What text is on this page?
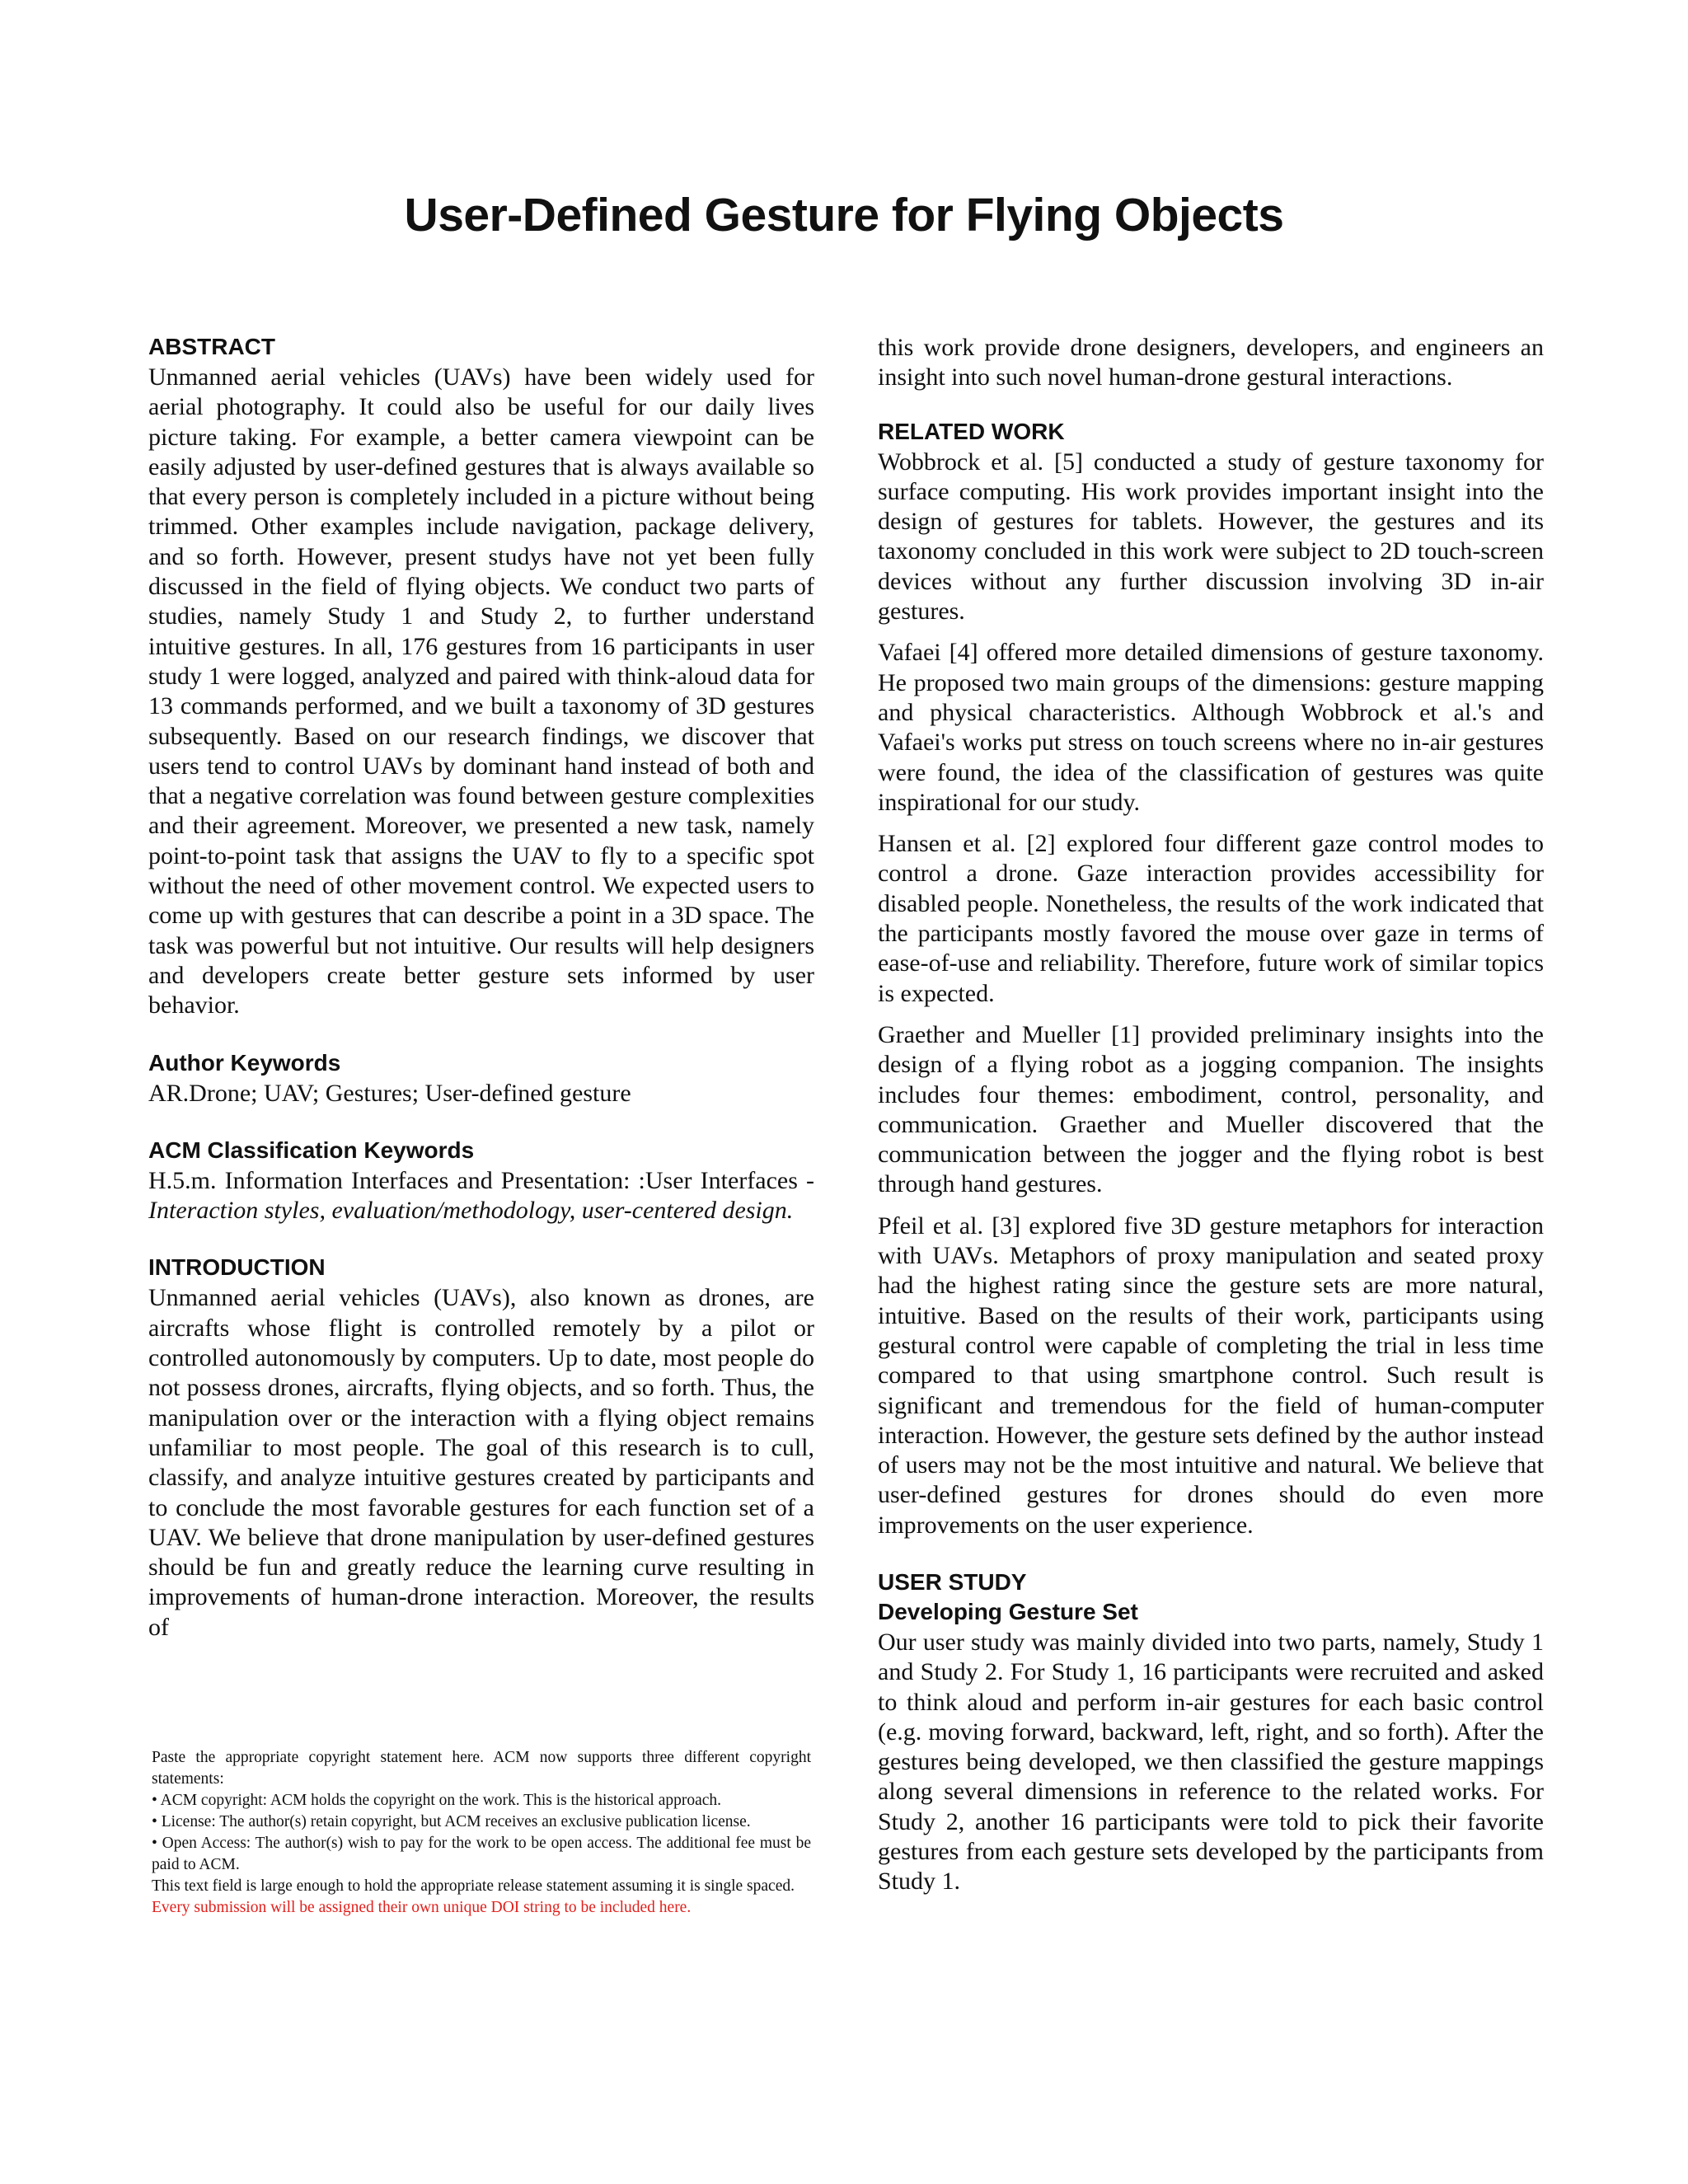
User-Defined Gesture for Flying Objects
ABSTRACT

Unmanned aerial vehicles (UAVs) have been widely used for aerial photography. It could also be useful for our daily lives picture taking. For example, a better camera viewpoint can be easily adjusted by user-defined gestures that is always available so that every person is completely included in a picture without being trimmed. Other examples include navigation, package delivery, and so forth. However, present studys have not yet been fully discussed in the field of flying objects. We conduct two parts of studies, namely Study 1 and Study 2, to further understand intuitive gestures. In all, 176 gestures from 16 participants in user study 1 were logged, analyzed and paired with think-aloud data for 13 commands performed, and we built a taxonomy of 3D gestures subsequently. Based on our research findings, we discover that users tend to control UAVs by dominant hand instead of both and that a negative correlation was found between gesture complexities and their agreement. Moreover, we presented a new task, namely point-to-point task that assigns the UAV to fly to a specific spot without the need of other movement control. We expected users to come up with gestures that can describe a point in a 3D space. The task was powerful but not intuitive. Our results will help designers and developers create better gesture sets informed by user behavior.

Author Keywords

AR.Drone; UAV; Gestures; User-defined gesture

ACM Classification Keywords

H.5.m. Information Interfaces and Presentation: :User Interfaces - Interaction styles, evaluation/methodology, user-centered design.

INTRODUCTION

Unmanned aerial vehicles (UAVs), also known as drones, are aircrafts whose flight is controlled remotely by a pilot or controlled autonomously by computers. Up to date, most people do not possess drones, aircrafts, flying objects, and so forth. Thus, the manipulation over or the interaction with a flying object remains unfamiliar to most people. The goal of this research is to cull, classify, and analyze intuitive gestures created by participants and to conclude the most favorable gestures for each function set of a UAV. We believe that drone manipulation by user-defined gestures should be fun and greatly reduce the learning curve resulting in improvements of human-drone interaction. Moreover, the results of

this work provide drone designers, developers, and engineers an insight into such novel human-drone gestural interactions.

RELATED WORK

Wobbrock et al. [5] conducted a study of gesture taxonomy for surface computing. His work provides important insight into the design of gestures for tablets. However, the gestures and its taxonomy concluded in this work were subject to 2D touch-screen devices without any further discussion involving 3D in-air gestures.

Vafaei [4] offered more detailed dimensions of gesture taxonomy. He proposed two main groups of the dimensions: gesture mapping and physical characteristics. Although Wobbrock et al.'s and Vafaei's works put stress on touch screens where no in-air gestures were found, the idea of the classification of gestures was quite inspirational for our study.

Hansen et al. [2] explored four different gaze control modes to control a drone. Gaze interaction provides accessibility for disabled people. Nonetheless, the results of the work indicated that the participants mostly favored the mouse over gaze in terms of ease-of-use and reliability. Therefore, future work of similar topics is expected.

Graether and Mueller [1] provided preliminary insights into the design of a flying robot as a jogging companion. The insights includes four themes: embodiment, control, personality, and communication. Graether and Mueller discovered that the communication between the jogger and the flying robot is best through hand gestures.

Pfeil et al. [3] explored five 3D gesture metaphors for interaction with UAVs. Metaphors of proxy manipulation and seated proxy had the highest rating since the gesture sets are more natural, intuitive. Based on the results of their work, participants using gestural control were capable of completing the trial in less time compared to that using smartphone control. Such result is significant and tremendous for the field of human-computer interaction. However, the gesture sets defined by the author instead of users may not be the most intuitive and natural. We believe that user-defined gestures for drones should do even more improvements on the user experience.

USER STUDY
Developing Gesture Set

Our user study was mainly divided into two parts, namely, Study 1 and Study 2. For Study 1, 16 participants were recruited and asked to think aloud and perform in-air gestures for each basic control (e.g. moving forward, backward, left, right, and so forth). After the gestures being developed, we then classified the gesture mappings along several dimensions in reference to the related works. For Study 2, another 16 participants were told to pick their favorite gestures from each gesture sets developed by the participants from Study 1.

Paste the appropriate copyright statement here. ACM now supports three different copyright statements:

• ACM copyright: ACM holds the copyright on the work. This is the historical approach.

• License: The author(s) retain copyright, but ACM receives an exclusive publication license.

• Open Access: The author(s) wish to pay for the work to be open access. The additional fee must be paid to ACM.

This text field is large enough to hold the appropriate release statement assuming it is single spaced.

Every submission will be assigned their own unique DOI string to be included here.
